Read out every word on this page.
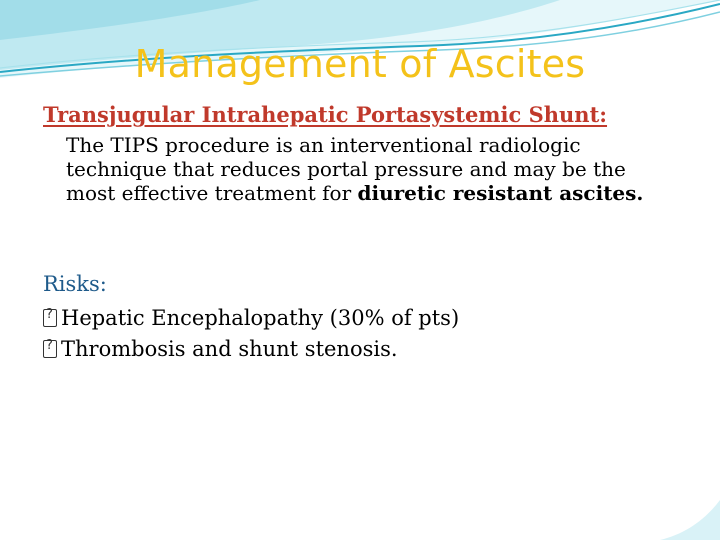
Management of Ascites
Transjugular Intrahepatic Portasystemic Shunt:
The TIPS procedure is an interventional radiologic technique that reduces portal pressure and may be the most effective treatment for diuretic resistant ascites.
Risks:
?
Hepatic Encephalopathy (30% of pts)
?
Thrombosis and shunt stenosis.
